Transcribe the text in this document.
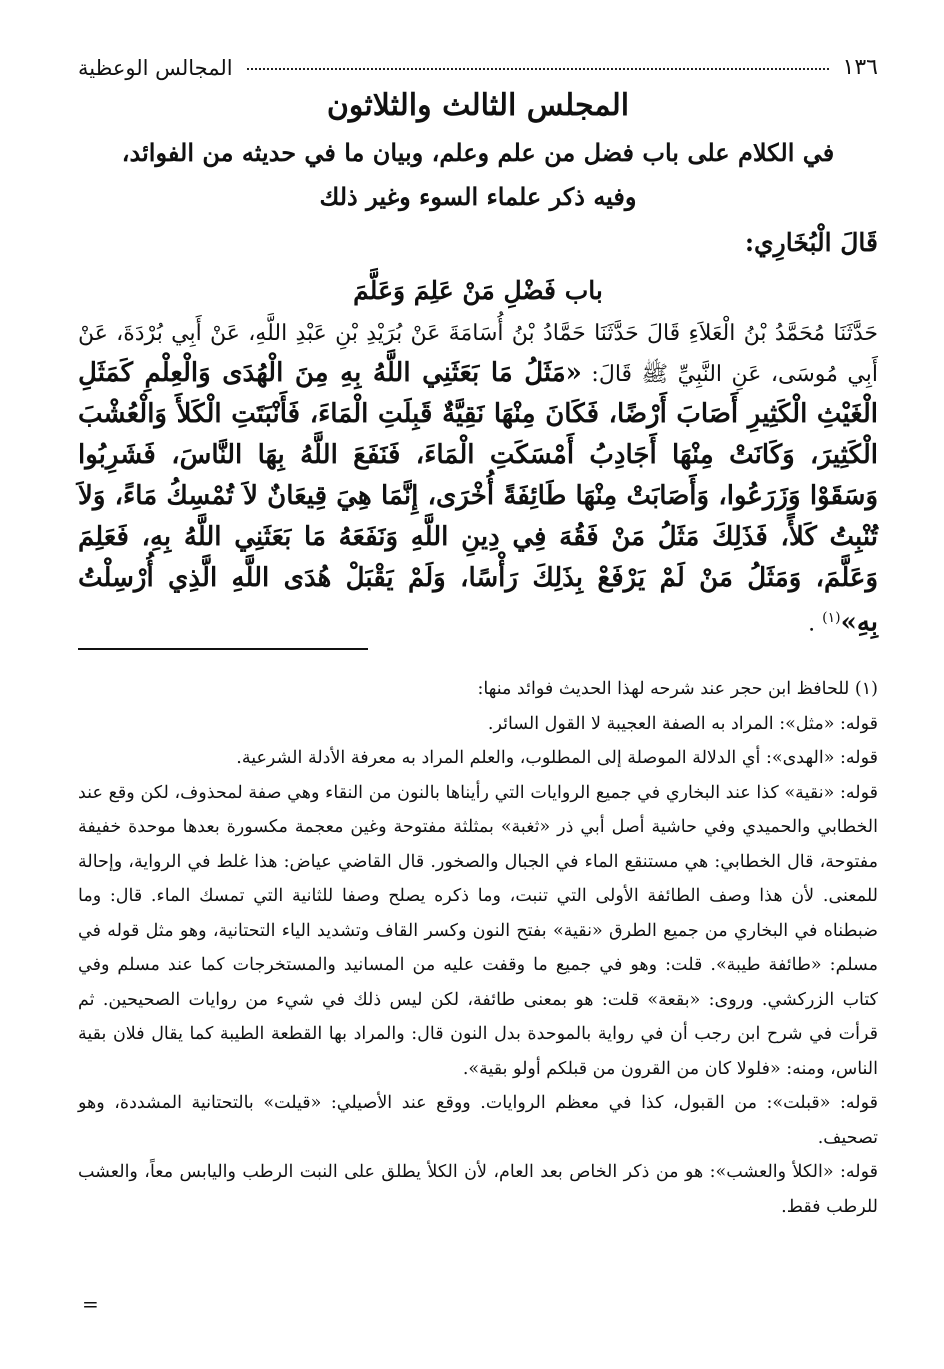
١٣٦
المجالس الوعظية
المجلس الثالث والثلاثون
في الكلام على باب فضل من علم وعلم، وبيان ما في حديثه من الفوائد،
وفيه ذكر علماء السوء وغير ذلك
قَالَ الْبُخَارِي:
باب فَضْلِ مَنْ عَلِمَ وَعَلَّمَ
حَدَّثَنَا مُحَمَّدُ بْنُ الْعَلاَءِ قَالَ حَدَّثَنَا حَمَّادُ بْنُ أُسَامَةَ عَنْ بُرَيْدِ بْنِ عَبْدِ اللَّهِ، عَنْ أَبِي بُرْدَةَ، عَنْ أَبِي مُوسَى، عَنِ النَّبِيِّ ﷺ قَالَ: «مَثَلُ مَا بَعَثَنِي اللَّهُ بِهِ مِنَ الْهُدَى وَالْعِلْمِ كَمَثَلِ الْغَيْثِ الْكَثِيرِ أَصَابَ أَرْضًا، فَكَانَ مِنْهَا نَقِيَّةٌ قَبِلَتِ الْمَاءَ، فَأَنْبَتَتِ الْكَلأَ وَالْعُشْبَ الْكَثِيرَ، وَكَانَتْ مِنْهَا أَجَادِبُ أَمْسَكَتِ الْمَاءَ، فَنَفَعَ اللَّهُ بِهَا النَّاسَ، فَشَرِبُوا وَسَقَوْا وَزَرَعُوا، وَأَصَابَتْ مِنْهَا طَائِفَةً أُخْرَى، إِنَّمَا هِيَ قِيعَانٌ لاَ تُمْسِكُ مَاءً، وَلاَ تُنْبِتُ كَلأً، فَذَلِكَ مَثَلُ مَنْ فَقُهَ فِي دِينِ اللَّهِ وَنَفَعَهُ مَا بَعَثَنِي اللَّهُ بِهِ، فَعَلِمَ وَعَلَّمَ، وَمَثَلُ مَنْ لَمْ يَرْفَعْ بِذَلِكَ رَأْسًا، وَلَمْ يَقْبَلْ هُدَى اللَّهِ الَّذِي أُرْسِلْتُ بِهِ»$^{(١)}$ .

(١) للحافظ ابن حجر عند شرحه لهذا الحديث فوائد منها:

قوله: «مثل»: المراد به الصفة العجيبة لا القول السائر.

قوله: «الهدى»: أي الدلالة الموصلة إلى المطلوب، والعلم المراد به معرفة الأدلة الشرعية.

قوله: «نقية» كذا عند البخاري في جميع الروايات التي رأيناها بالنون من النقاء وهي صفة لمحذوف، لكن وقع عند الخطابي والحميدي وفي حاشية أصل أبي ذر «ثغبة» بمثلثة مفتوحة وغين معجمة مكسورة بعدها موحدة خفيفة مفتوحة، قال الخطابي: هي مستنقع الماء في الجبال والصخور. قال القاضي عياض: هذا غلط في الرواية، وإحالة للمعنى. لأن هذا وصف الطائفة الأولى التي تنبت، وما ذكره يصلح وصفا للثانية التي تمسك الماء. قال: وما ضبطناه في البخاري من جميع الطرق «نقية» بفتح النون وكسر القاف وتشديد الياء التحتانية، وهو مثل قوله في مسلم: «طائفة طيبة». قلت: وهو في جميع ما وقفت عليه من المسانيد والمستخرجات كما عند مسلم وفي كتاب الزركشي. وروى: «بقعة» قلت: هو بمعنى طائفة، لكن ليس ذلك في شيء من روايات الصحيحين. ثم قرأت في شرح ابن رجب أن في رواية بالموحدة بدل النون قال: والمراد بها القطعة الطيبة كما يقال فلان بقية الناس، ومنه: «فلولا كان من القرون من قبلكم أولو بقية».

قوله: «قبلت»: من القبول، كذا في معظم الروايات. ووقع عند الأصيلي: «قيلت» بالتحتانية المشددة، وهو تصحيف.

قوله: «الكلأ والعشب»: هو من ذكر الخاص بعد العام، لأن الكلأ يطلق على النبت الرطب واليابس معاً، والعشب للرطب فقط.

=
